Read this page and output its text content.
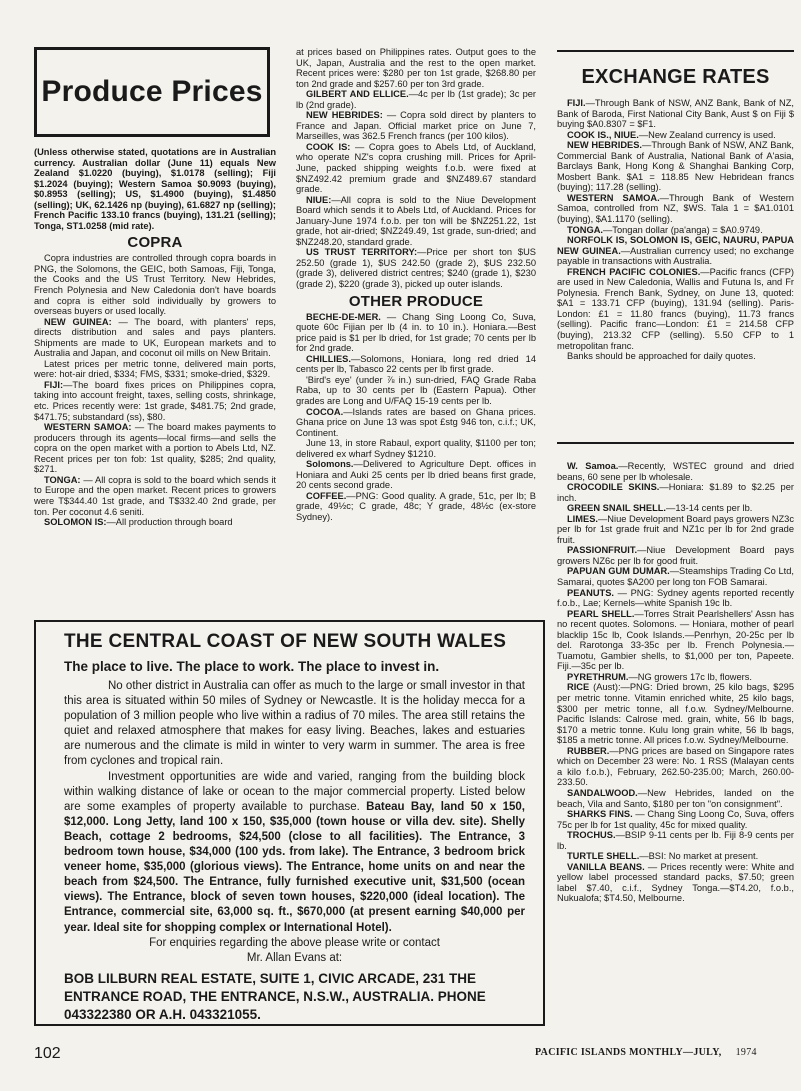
Produce Prices

(Unless otherwise stated, quotations are in Australian currency. Australian dollar (June 11) equals New Zealand $1.0220 (buying), $1.0178 (selling); Fiji $1.2024 (buying); Western Samoa $0.9093 (buying), $0.8953 (selling); US, $1.4900 (buying), $1.4850 (selling); UK, 62.1426 np (buying), 61.6827 np (selling); French Pacific 133.10 francs (buying), 131.21 (selling); Tonga, ST1.0258 (mid rate).

COPRA

Copra industries are controlled through copra boards in PNG, the Solomons, the GEIC, both Samoas, Fiji, Tonga, the Cooks and the US Trust Territory. New Hebrides, French Polynesia and New Caledonia don't have boards and copra is either sold individually by growers to overseas buyers or used locally.

NEW GUINEA: — The board, with planters' reps, directs distribution and sales and pays planters. Shipments are made to UK, European markets and to Australia and Japan, and coconut oil mills on New Britain.

Latest prices per metric tonne, delivered main ports, were: hot-air dried, $334; FMS, $331; smoke-dried, $329.

FIJI:—The board fixes prices on Philippines copra, taking into account freight, taxes, selling costs, shrinkage, etc. Prices recently were: 1st grade, $481.75; 2nd grade, $471.75; substandard (ss), $80.

WESTERN SAMOA: — The board makes payments to producers through its agents—local firms—and sells the copra on the open market with a portion to Abels Ltd, NZ. Recent prices per ton fob: 1st quality, $285; 2nd quality, $271.

TONGA: — All copra is sold to the board which sends it to Europe and the open market. Recent prices to growers were T$344.40 1st grade, and T$332.40 2nd grade, per ton. Per coconut 4.6 seniti.

SOLOMON IS:—All production through board

at prices based on Philippines rates. Output goes to the UK, Japan, Australia and the rest to the open market. Recent prices were: $280 per ton 1st grade, $268.80 per ton 2nd grade and $257.60 per ton 3rd grade.

GILBERT AND ELLICE.—4c per lb (1st grade); 3c per lb (2nd grade).

NEW HEBRIDES: — Copra sold direct by planters to France and Japan. Official market price on June 7, Marseilles, was 362.5 French francs (per 100 kilos).

COOK IS: — Copra goes to Abels Ltd, of Auckland, who operate NZ's copra crushing mill. Prices for April-June, packed shipping weights f.o.b. were fixed at $NZ492.42 premium grade and $NZ489.67 standard grade.

NIUE:—All copra is sold to the Niue Development Board which sends it to Abels Ltd, of Auckland. Prices for January-June 1974 f.o.b. per ton will be $NZ251.22, 1st grade, hot air-dried; $NZ249.49, 1st grade, sun-dried; and $NZ248.20, standard grade.

US TRUST TERRITORY:—Price per short ton $US 252.50 (grade 1), $US 242.50 (grade 2), $US 232.50 (grade 3), delivered district centres; $240 (grade 1), $230 (grade 2), $220 (grade 3), picked up outer islands.

OTHER PRODUCE

BECHE-DE-MER. — Chang Sing Loong Co, Suva, quote 60c Fijian per lb (4 in. to 10 in.). Honiara.—Best price paid is $1 per lb dried, for 1st grade; 70 cents per lb for 2nd grade.

CHILLIES.—Solomons, Honiara, long red dried 14 cents per lb, Tabasco 22 cents per lb first grade.

'Bird's eye' (under ⅞ in.) sun-dried, FAQ Grade Raba Raba, up to 30 cents per lb (Eastern Papua). Other grades are Long and U/FAQ 15-19 cents per lb.

COCOA.—Islands rates are based on Ghana prices. Ghana price on June 13 was spot £stg 946 ton, c.i.f.; UK, Continent.

June 13, in store Rabaul, export quality, $1100 per ton; delivered ex wharf Sydney $1210.

Solomons.—Delivered to Agriculture Dept. offices in Honiara and Auki 25 cents per lb dried beans first grade, 20 cents second grade.

COFFEE.—PNG: Good quality. A grade, 51c, per lb; B grade, 49½c; C grade, 48c; Y grade, 48½c (ex-store Sydney).

EXCHANGE RATES

FIJI.—Through Bank of NSW, ANZ Bank, Bank of NZ, Bank of Baroda, First National City Bank, Aust $ on Fiji $ buying $A0.8307 = $F1.

COOK IS., NIUE.—New Zealand currency is used.

NEW HEBRIDES.—Through Bank of NSW, ANZ Bank, Commercial Bank of Australia, National Bank of A'asia, Barclays Bank, Hong Kong & Shanghai Banking Corp, Mosbert Bank. $A1 = 118.85 New Hebridean francs (buying); 117.28 (selling).

WESTERN SAMOA.—Through Bank of Western Samoa, controlled from NZ, $WS. Tala 1 = $A1.0101 (buying), $A1.1170 (selling).

TONGA.—Tongan dollar (pa'anga) = $A0.9749.

NORFOLK IS, SOLOMON IS, GEIC, NAURU, PAPUA NEW GUINEA.—Australian currency used; no exchange payable in transactions with Australia.

FRENCH PACIFIC COLONIES.—Pacific francs (CFP) are used in New Caledonia, Wallis and Futuna Is, and Fr Polynesia. French Bank, Sydney, on June 13, quoted: $A1 = 133.71 CFP (buying), 131.94 (selling). Paris-London: £1 = 11.80 francs (buying), 11.73 francs (selling). Pacific franc—London: £1 = 214.58 CFP (buying), 213.32 CFP (selling). 5.50 CFP to 1 metropolitan franc.

Banks should be approached for daily quotes.

W. Samoa.—Recently, WSTEC ground and dried beans, 60 sene per lb wholesale.

CROCODILE SKINS.—Honiara: $1.89 to $2.25 per inch.

GREEN SNAIL SHELL.—13-14 cents per lb.

LIMES.—Niue Development Board pays growers NZ3c per lb for 1st grade fruit and NZ1c per lb for 2nd grade fruit.

PASSIONFRUIT.—Niue Development Board pays growers NZ6c per lb for good fruit.

PAPUAN GUM DUMAR.—Steamships Trading Co Ltd, Samarai, quotes $A200 per long ton FOB Samarai.

PEANUTS. — PNG: Sydney agents reported recently f.o.b., Lae; Kernels—white Spanish 19c lb.

PEARL SHELL.—Torres Strait Pearlshellers' Assn has no recent quotes. Solomons. — Honiara, mother of pearl blacklip 15c lb, Cook Islands.—Penrhyn, 20-25c per lb del. Rarotonga 33-35c per lb. French Polynesia.—Tuamotu, Gambier shells, to $1,000 per ton, Papeete. Fiji.—35c per lb.

PYRETHRUM.—NG growers 17c lb, flowers.

RICE (Aust):—PNG: Dried brown, 25 kilo bags, $295 per metric tonne. Vitamin enriched white, 25 kilo bags, $300 per metric tonne, all f.o.w. Sydney/Melbourne. Pacific Islands: Calrose med. grain, white, 56 lb bags, $170 a metric tonne. Kulu long grain white, 56 lb bags, $185 a metric tonne. All prices f.o.w. Sydney/Melbourne.

RUBBER.—PNG prices are based on Singapore rates which on December 23 were: No. 1 RSS (Malayan cents a kilo f.o.b.), February, 262.50-235.00; March, 260.00-233.50.

SANDALWOOD.—New Hebrides, landed on the beach, Vila and Santo, $180 per ton "on consignment".

SHARKS FINS. — Chang Sing Loong Co, Suva, offers 75c per lb for 1st quality, 45c for mixed quality.

TROCHUS.—BSIP 9-11 cents per lb. Fiji 8-9 cents per lb.

TURTLE SHELL.—BSI: No market at present.

VANILLA BEANS. — Prices recently were: White and yellow label processed standard packs, $7.50; green label $7.40, c.i.f., Sydney Tonga.—$T4.20, f.o.b., Nukualofa; $T4.50, Melbourne.

THE CENTRAL COAST OF NEW SOUTH WALES
The place to live. The place to work. The place to invest in.

No other district in Australia can offer as much to the large or small investor in that this area is situated within 50 miles of Sydney or Newcastle. It is the holiday mecca for a population of 3 million people who live within a radius of 70 miles. The area still retains the quiet and relaxed atmosphere that makes for easy living. Beaches, lakes and estuaries are numerous and the climate is mild in winter to very warm in summer. The area is free from cyclones and tropical rain.

Investment opportunities are wide and varied, ranging from the building block within walking distance of lake or ocean to the major commercial property. Listed below are some examples of property available to purchase. Bateau Bay, land 50 x 150, $12,000. Long Jetty, land 100 x 150, $35,000 (town house or villa dev. site). Shelly Beach, cottage 2 bedrooms, $24,500 (close to all facilities). The Entrance, 3 bedroom town house, $34,000 (100 yds. from lake). The Entrance, 3 bedroom brick veneer home, $35,000 (glorious views). The Entrance, home units on and near the beach from $24,500. The Entrance, fully furnished executive unit, $31,500 (ocean views). The Entrance, block of seven town houses, $220,000 (ideal location). The Entrance, commercial site, 63,000 sq. ft., $670,000 (at present earning $40,000 per year. Ideal site for shopping complex or International Hotel).

For enquiries regarding the above please write or contact
Mr. Allan Evans at:
BOB LILBURN REAL ESTATE, SUITE 1, CIVIC ARCADE, 231 THE ENTRANCE ROAD, THE ENTRANCE, N.S.W., AUSTRALIA. PHONE 043322380 OR A.H. 043321055.
102	PACIFIC ISLANDS MONTHLY—JULY, 1974
